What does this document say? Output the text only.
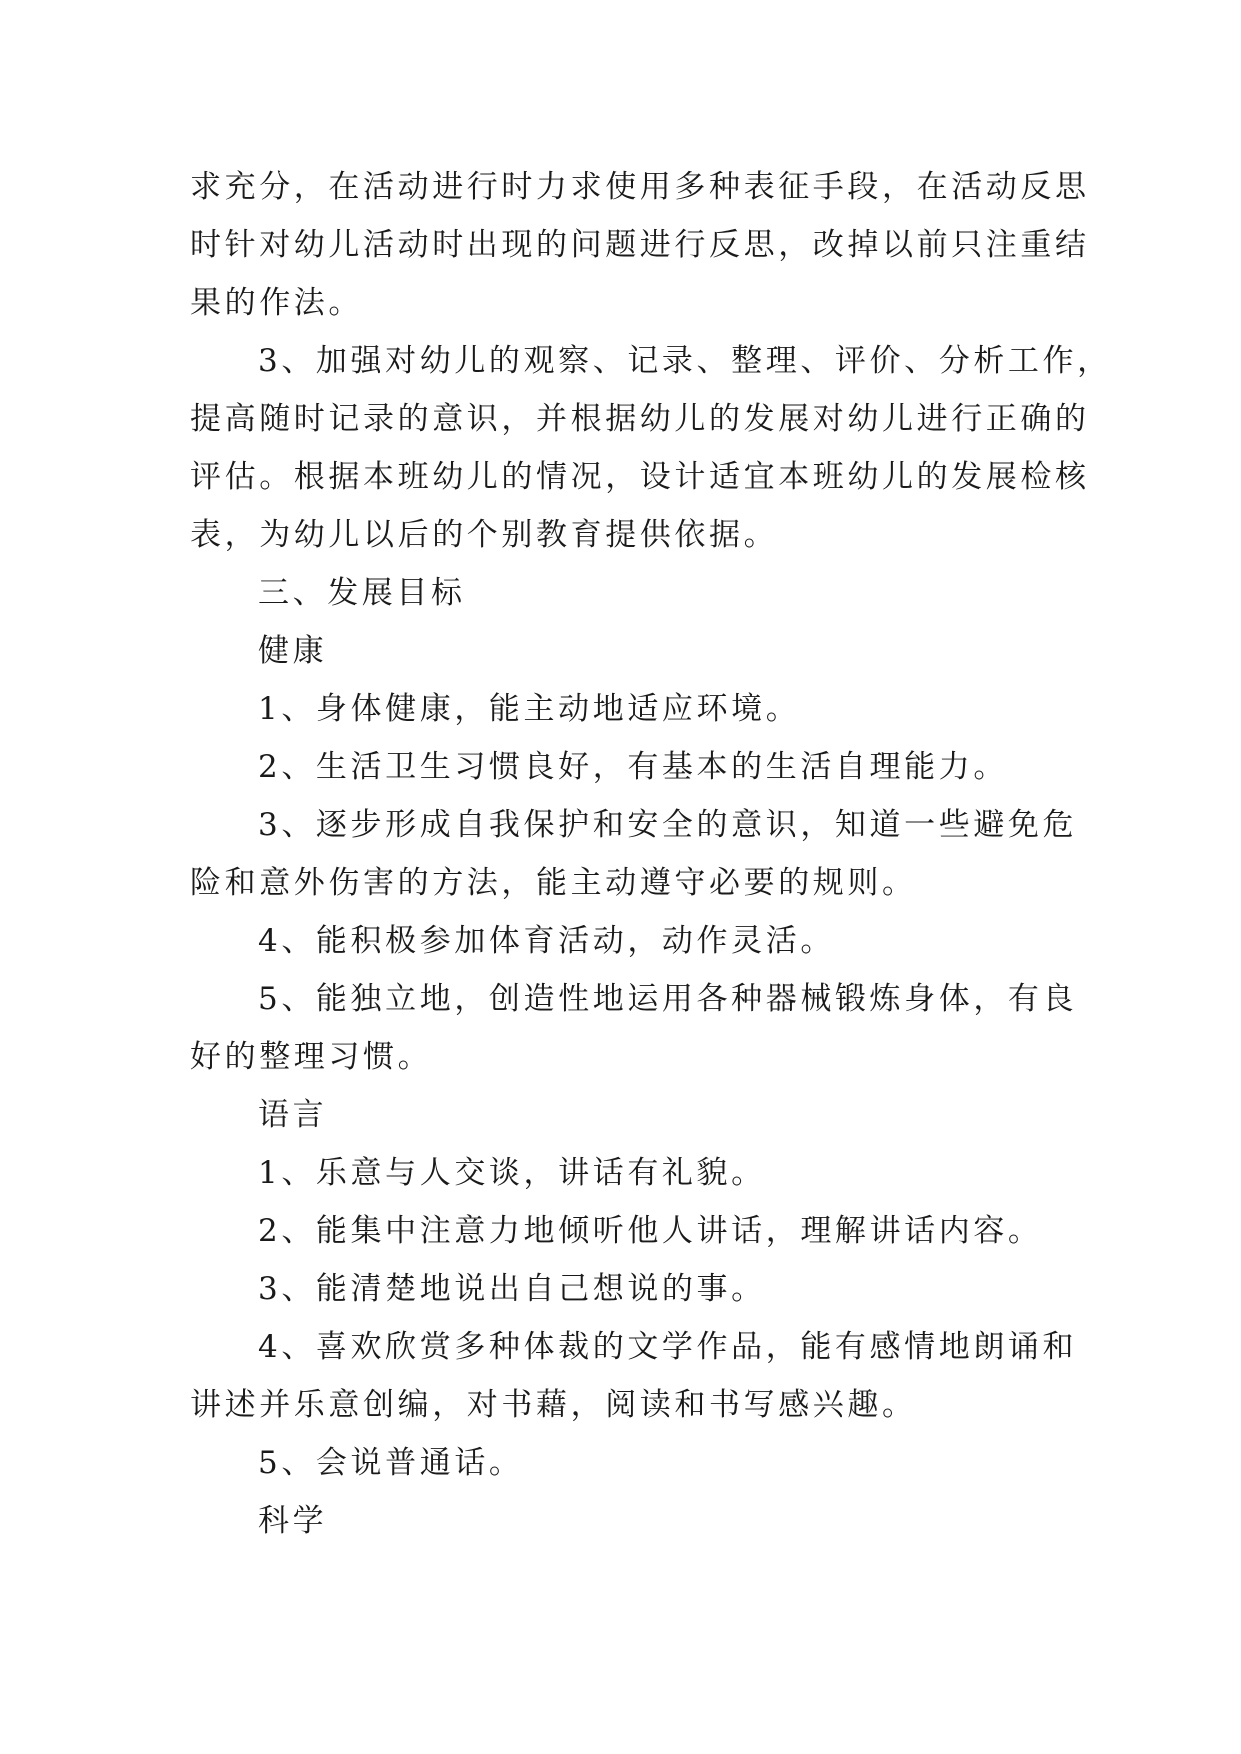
求充分，在活动进行时力求使用多种表征手段，在活动反思
时针对幼儿活动时出现的问题进行反思，改掉以前只注重结
果的作法。
3、加强对幼儿的观察、记录、整理、评价、分析工作，
提高随时记录的意识，并根据幼儿的发展对幼儿进行正确的
评估。根据本班幼儿的情况，设计适宜本班幼儿的发展检核
表，为幼儿以后的个别教育提供依据。
三、发展目标
健康
1、身体健康，能主动地适应环境。
2、生活卫生习惯良好，有基本的生活自理能力。
3、逐步形成自我保护和安全的意识，知道一些避免危
险和意外伤害的方法，能主动遵守必要的规则。
4、能积极参加体育活动，动作灵活。
5、能独立地，创造性地运用各种器械锻炼身体，有良
好的整理习惯。
语言
1、乐意与人交谈，讲话有礼貌。
2、能集中注意力地倾听他人讲话，理解讲话内容。
3、能清楚地说出自己想说的事。
4、喜欢欣赏多种体裁的文学作品，能有感情地朗诵和
讲述并乐意创编，对书藉，阅读和书写感兴趣。
5、会说普通话。
科学
